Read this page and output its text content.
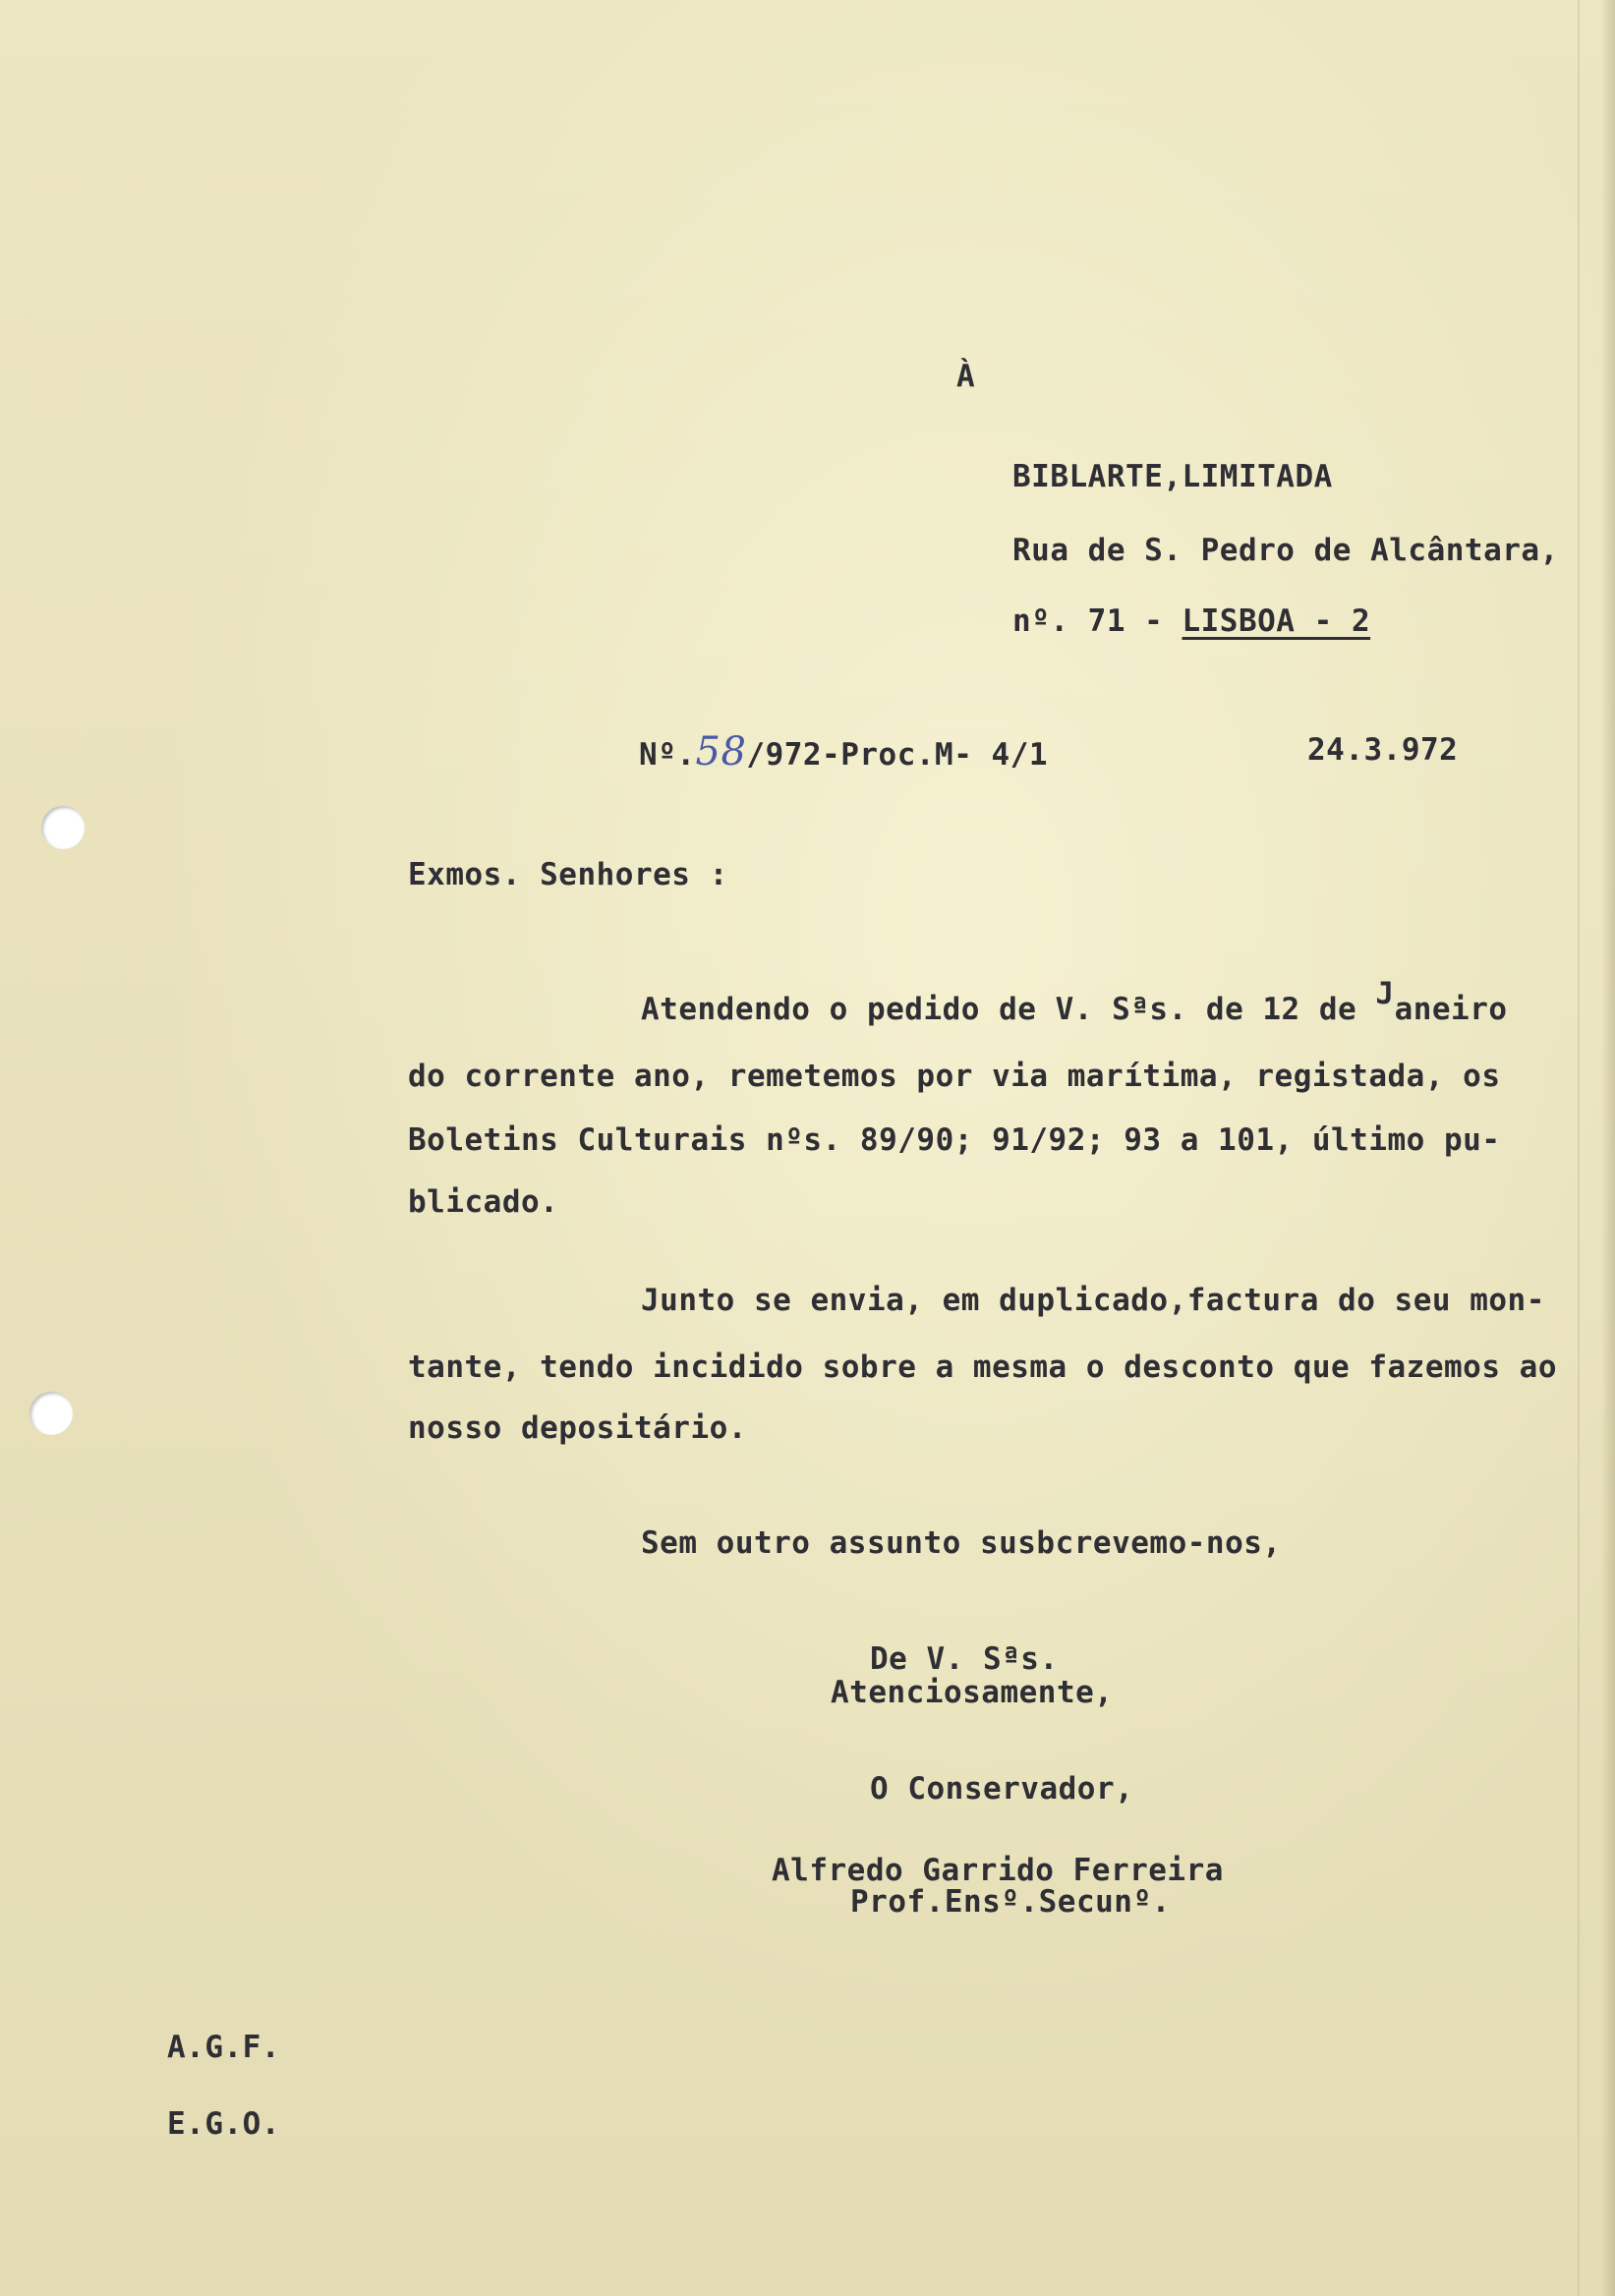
À
BIBLARTE,LIMITADA
Rua de S. Pedro de Alcântara,
nº. 71 - LISBOA - 2
Nº.58/972-Proc.M- 4/1	24.3.972
Exmos. Senhores :
Atendendo o pedido de V. Sªs. de 12 de Janeiro
do corrente ano, remetemos por via marítima, registada, os
Boletins Culturais nºs. 89/90; 91/92; 93 a 101, último pu-
blicado.
Junto se envia, em duplicado,factura do seu mon-
tante, tendo incidido sobre a mesma o desconto que fazemos ao
nosso depositário.
Sem outro assunto susbcrevemo-nos,
De V. Sªs.
Atenciosamente,
O Conservador,
Alfredo Garrido Ferreira
Prof.Ensº.Secunº.
A.G.F.
E.G.O.
